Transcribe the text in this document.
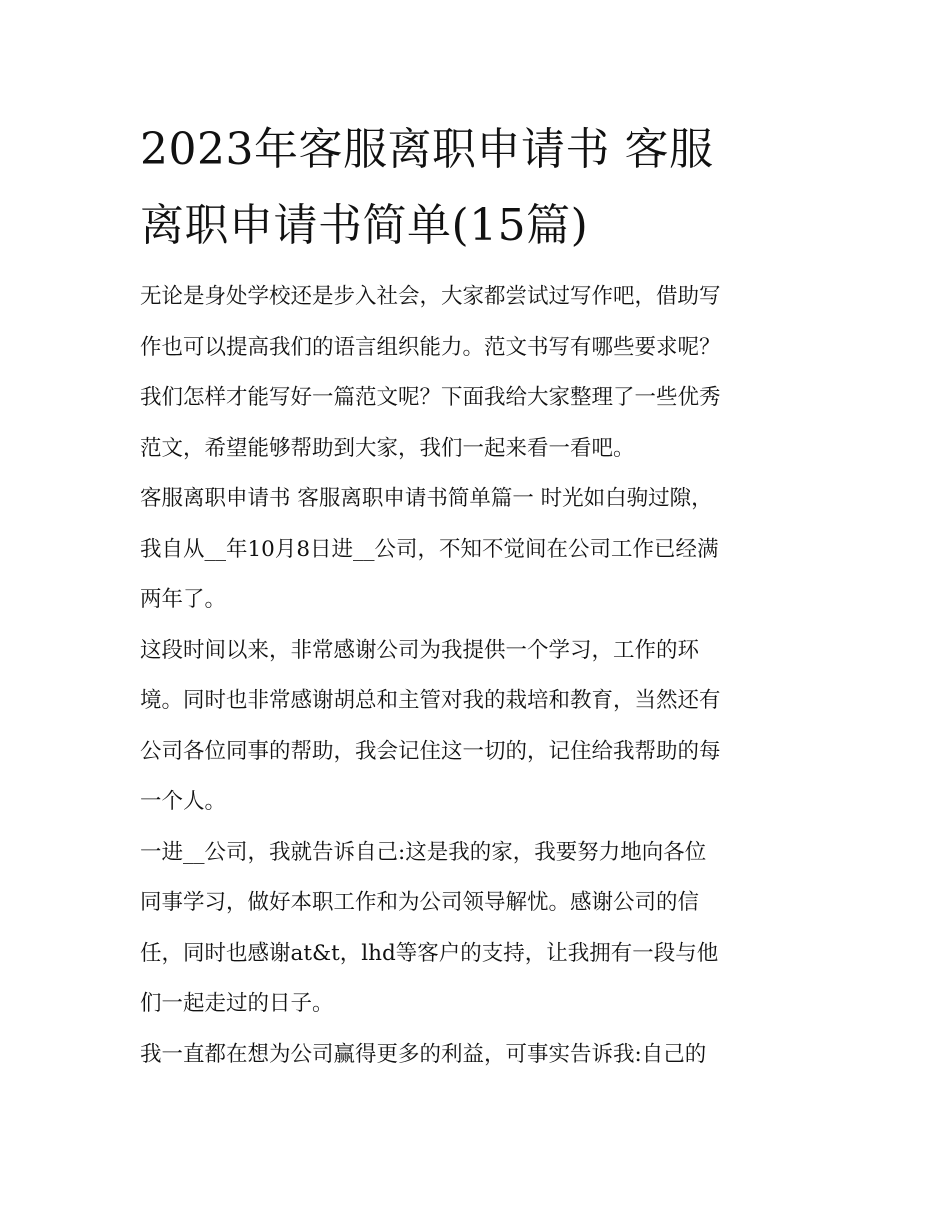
2023年客服离职申请书 客服
离职申请书简单(15篇)

无论是身处学校还是步入社会，大家都尝试过写作吧，借助写

作也可以提高我们的语言组织能力。范文书写有哪些要求呢？

我们怎样才能写好一篇范文呢？下面我给大家整理了一些优秀

范文，希望能够帮助到大家，我们一起来看一看吧。

客服离职申请书 客服离职申请书简单篇一 时光如白驹过隙，

我自从__年10月8日进__公司，不知不觉间在公司工作已经满

两年了。

这段时间以来，非常感谢公司为我提供一个学习，工作的环

境。同时也非常感谢胡总和主管对我的栽培和教育，当然还有

公司各位同事的帮助，我会记住这一切的，记住给我帮助的每

一个人。

一进__公司，我就告诉自己:这是我的家，我要努力地向各位

同事学习，做好本职工作和为公司领导解忧。感谢公司的信

任，同时也感谢at&t，lhd等客户的支持，让我拥有一段与他

们一起走过的日子。

我一直都在想为公司赢得更多的利益，可事实告诉我:自己的
